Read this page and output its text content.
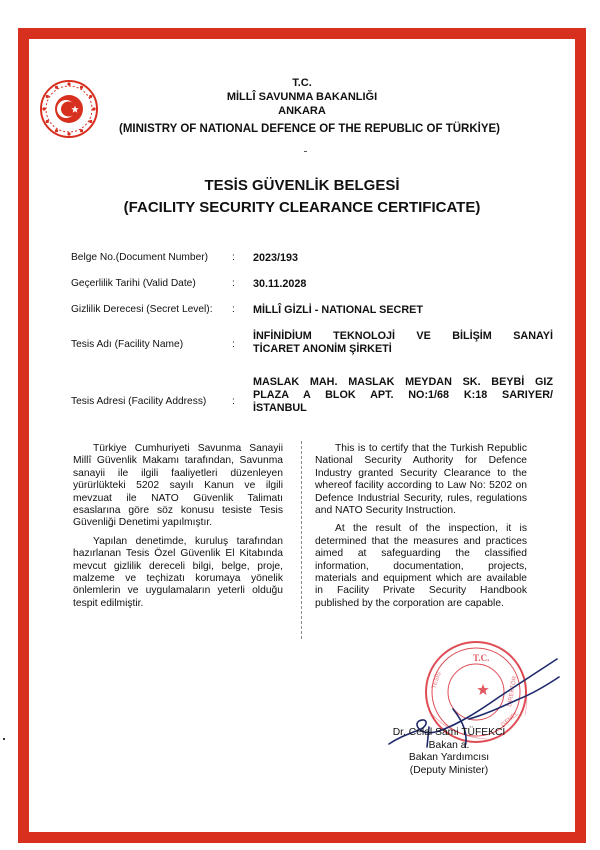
T.C.
MİLLÎ SAVUNMA BAKANLIĞI
ANKARA
(MINISTRY OF NATIONAL DEFENCE OF THE REPUBLIC OF TÜRKİYE)
TESİS GÜVENLİK BELGESİ
(FACILITY SECURITY CLEARANCE CERTIFICATE)
Belge No.(Document Number) : 2023/193
Geçerlilik Tarihi (Valid Date)	: 30.11.2028
Gizlilik Derecesi (Secret Level): : MİLLÎ GİZLİ - NATIONAL SECRET
Tesis Adı (Facility Name)	:
İNFİNİDİUM TEKNOLOJİ VE BİLİŞİM SANAYİ
TİCARET ANONİM ŞİRKETİ
Tesis Adresi (Facility Address)	:
MASLAK MAH. MASLAK MEYDAN SK. BEYBİ GIZ
PLAZA A BLOK APT. NO:1/68 K:18 SARIYER/
İSTANBUL

Türkiye Cumhuriyeti Savunma Sanayii Millî Güvenlik Makamı tarafından, Savunma sanayii ile ilgili faaliyetleri düzenleyen yürürlükteki 5202 sayılı Kanun ve ilgili mevzuat ile NATO Güvenlik Talimatı esaslarına göre söz konusu tesiste Tesis Güvenliği Denetimi yapılmıştır.

Yapılan denetimde, kuruluş tarafından hazırlanan Tesis Özel Güvenlik El Kitabında mevcut gizlilik dereceli bilgi, belge, proje, malzeme ve teçhizatı korumaya yönelik önlemlerin ve uygulamaların yeterli olduğu tespit edilmiştir.

This is to certify that the Turkish Republic National Security Authority for Defence Industry granted Security Clearance to the whereof facility according to Law No: 5202 on Defence Industrial Security, rules, regulations and NATO Security Instruction.

At the result of the inspection, it is determined that the measures and practices aimed at safeguarding the classified information, documentation, projects, materials and equipment which are available in Facility Private Security Handbook published by the corporation are capable.

T.C.
TESİS
GENEL
DİREKTÖR
Dr. Celal Sami TÜFEKCİ
Bakan a.
Bakan Yardımcısı
(Deputy Minister)
